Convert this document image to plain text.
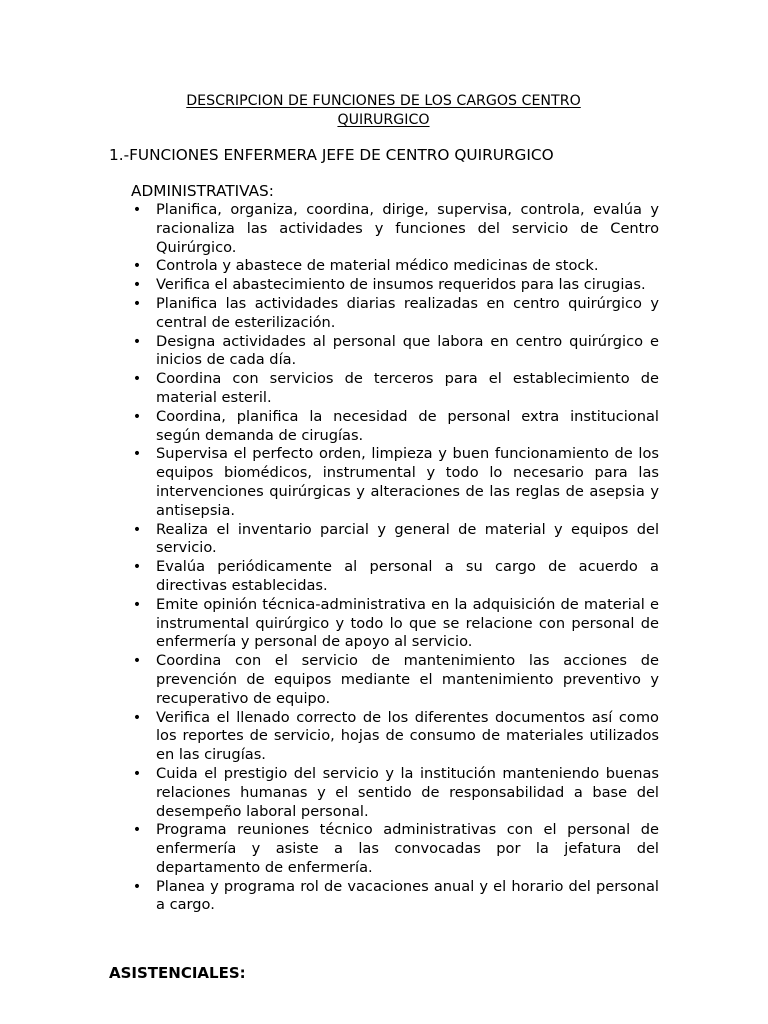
DESCRIPCION DE FUNCIONES DE LOS CARGOS CENTRO
QUIRURGICO
1.-FUNCIONES ENFERMERA JEFE DE CENTRO QUIRURGICO
ADMINISTRATIVAS:
• Planifica, organiza, coordina, dirige, supervisa, controla, evalúa y racionaliza las actividades y funciones del servicio de Centro Quirúrgico.
• Controla y abastece de material médico medicinas de stock.
• Verifica el abastecimiento de insumos requeridos para las cirugias.
• Planifica las actividades diarias realizadas en centro quirúrgico y central de esterilización.
• Designa actividades al personal que labora en centro quirúrgico e inicios de cada día.
• Coordina con servicios de terceros para el establecimiento de material esteril.
• Coordina, planifica la necesidad de personal extra institucional según demanda de cirugías.
• Supervisa el perfecto orden, limpieza y buen funcionamiento de los equipos biomédicos, instrumental y todo lo necesario para las intervenciones quirúrgicas y alteraciones de las reglas de asepsia y antisepsia.
• Realiza el inventario parcial y general de material y equipos del servicio.
• Evalúa periódicamente al personal a su cargo de acuerdo a directivas establecidas.
• Emite opinión técnica-administrativa en la adquisición de material e instrumental quirúrgico y todo lo que se relacione con personal de enfermería y personal de apoyo al servicio.
• Coordina con el servicio de mantenimiento las acciones de prevención de equipos mediante el mantenimiento preventivo y recuperativo de equipo.
• Verifica el llenado correcto de los diferentes documentos así como los reportes de servicio, hojas de consumo de materiales utilizados en las cirugías.
• Cuida el prestigio del servicio y la institución manteniendo buenas relaciones humanas y el sentido de responsabilidad a base del desempeño laboral personal.
• Programa reuniones técnico administrativas con el personal de enfermería y asiste a las convocadas por la jefatura del departamento de enfermería.
• Planea y programa rol de vacaciones anual y el horario del personal a cargo.
ASISTENCIALES:
